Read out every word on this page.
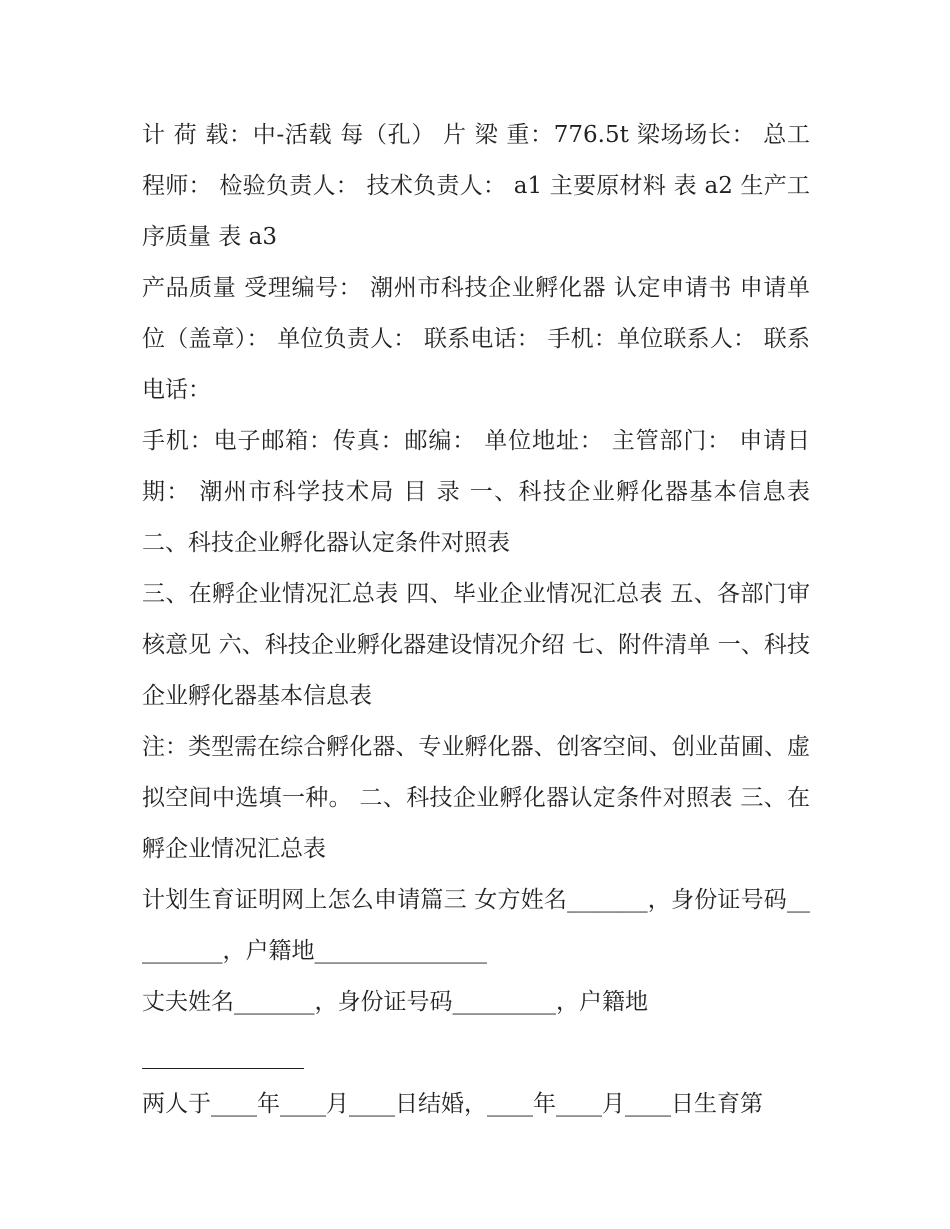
计 荷 载：中-活载 每（孔） 片 梁 重：776.5t 梁场场长： 总工程师： 检验负责人： 技术负责人： a1 主要原材料 表 a2 生产工序质量 表 a3

产品质量 受理编号： 潮州市科技企业孵化器 认定申请书 申请单位（盖章）： 单位负责人： 联系电话： 手机：单位联系人： 联系电话：

手机：电子邮箱：传真：邮编： 单位地址： 主管部门： 申请日期： 潮州市科学技术局 目 录 一、科技企业孵化器基本信息表 二、科技企业孵化器认定条件对照表

三、在孵企业情况汇总表 四、毕业企业情况汇总表 五、各部门审核意见 六、科技企业孵化器建设情况介绍 七、附件清单 一、科技企业孵化器基本信息表

注：类型需在综合孵化器、专业孵化器、创客空间、创业苗圃、虚拟空间中选填一种。 二、科技企业孵化器认定条件对照表 三、在孵企业情况汇总表

计划生育证明网上怎么申请篇三 女方姓名_______，身份证号码_________，户籍地_______________

丈夫姓名_______，身份证号码_________，户籍地

两人于____年____月____日结婚，____年____月____日生育第
